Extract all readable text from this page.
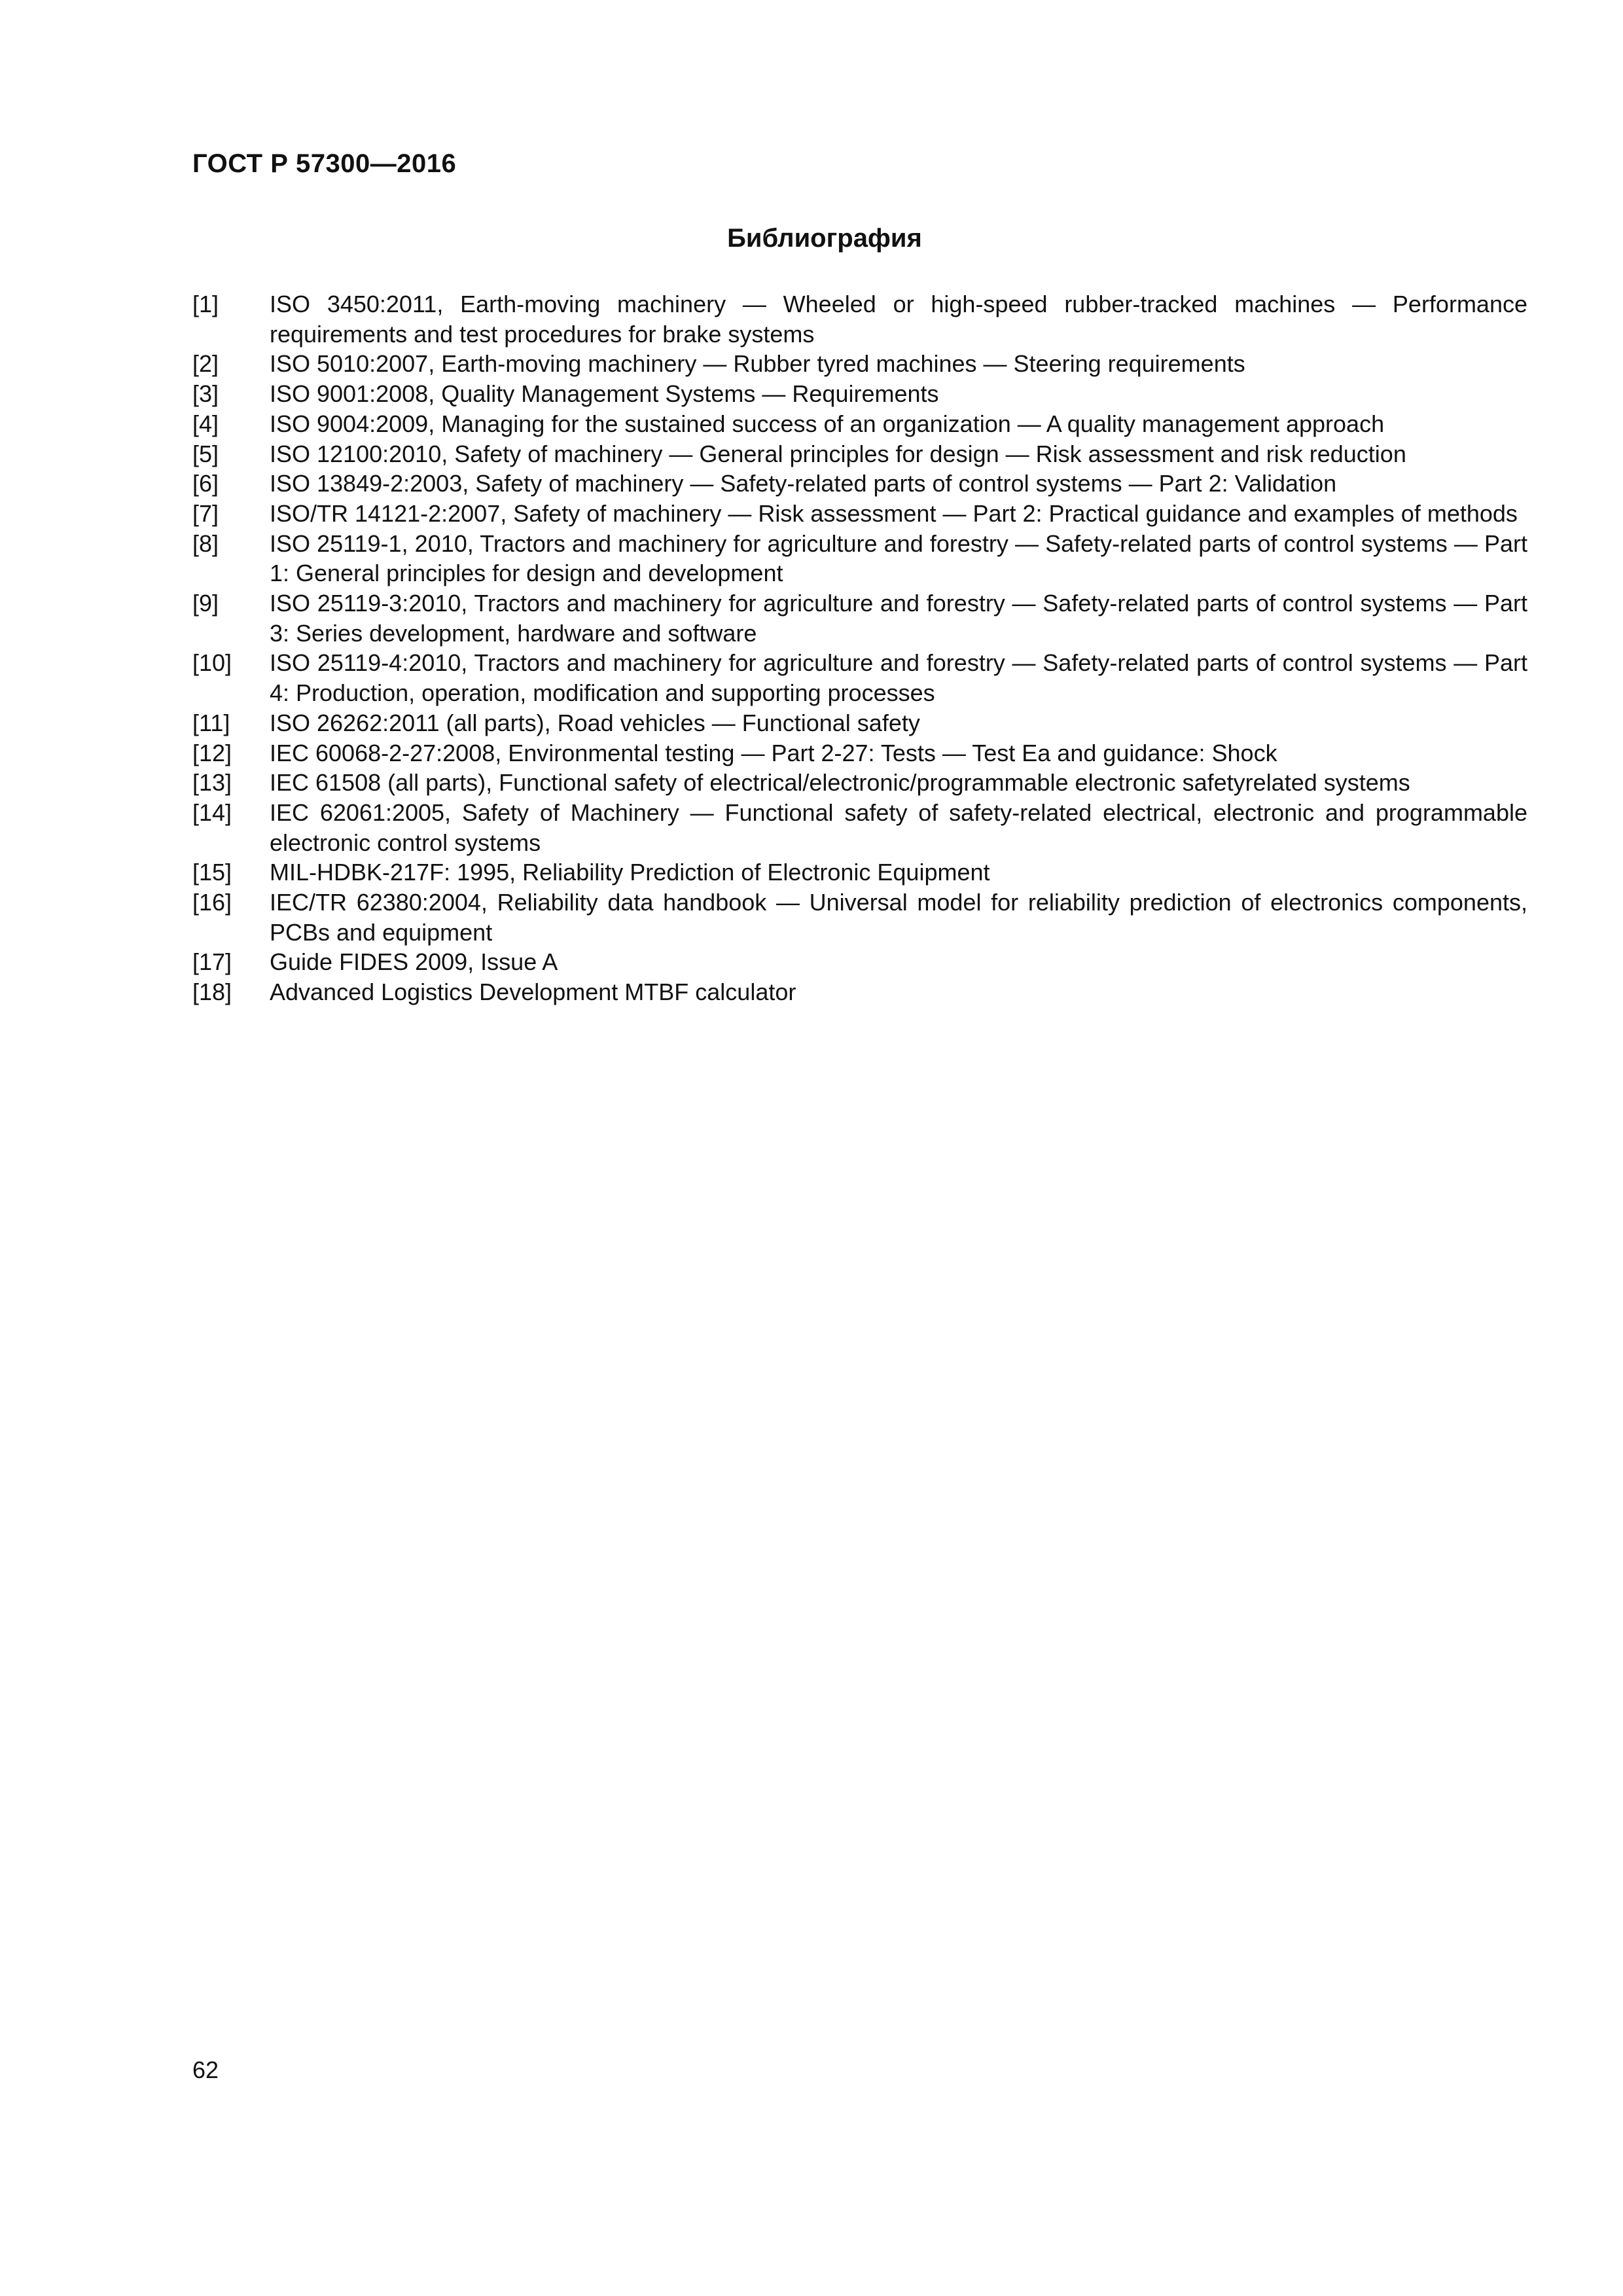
ГОСТ Р 57300—2016
Библиография
[1]	ISO 3450:2011, Earth-moving machinery — Wheeled or high-speed rubber-tracked machines — Performance requirements and test procedures for brake systems
[2]	ISO 5010:2007, Earth-moving machinery — Rubber tyred machines — Steering requirements
[3]	ISO 9001:2008, Quality Management Systems — Requirements
[4]	ISO 9004:2009, Managing for the sustained success of an organization — A quality management approach
[5]	ISO 12100:2010, Safety of machinery — General principles for design — Risk assessment and risk reduction
[6]	ISO 13849-2:2003, Safety of machinery — Safety-related parts of control systems — Part 2: Validation
[7]	ISO/TR 14121-2:2007, Safety of machinery — Risk assessment — Part 2: Practical guidance and examples of methods
[8]	ISO 25119-1, 2010, Tractors and machinery for agriculture and forestry — Safety-related parts of control systems — Part 1: General principles for design and development
[9]	ISO 25119-3:2010, Tractors and machinery for agriculture and forestry — Safety-related parts of control systems — Part 3: Series development, hardware and software
[10]	ISO 25119-4:2010, Tractors and machinery for agriculture and forestry — Safety-related parts of control systems — Part 4: Production, operation, modification and supporting processes
[11]	ISO 26262:2011 (all parts), Road vehicles — Functional safety
[12]	IEC 60068-2-27:2008, Environmental testing — Part 2-27: Tests — Test Ea and guidance: Shock
[13]	IEC 61508 (all parts), Functional safety of electrical/electronic/programmable electronic safetyrelated systems
[14]	IEC 62061:2005, Safety of Machinery — Functional safety of safety-related electrical, electronic and programmable electronic control systems
[15]	MIL-HDBK-217F: 1995, Reliability Prediction of Electronic Equipment
[16]	IEC/TR 62380:2004, Reliability data handbook — Universal model for reliability prediction of electronics components, PCBs and equipment
[17]	Guide FIDES 2009, Issue A
[18]	Advanced Logistics Development MTBF calculator
62
